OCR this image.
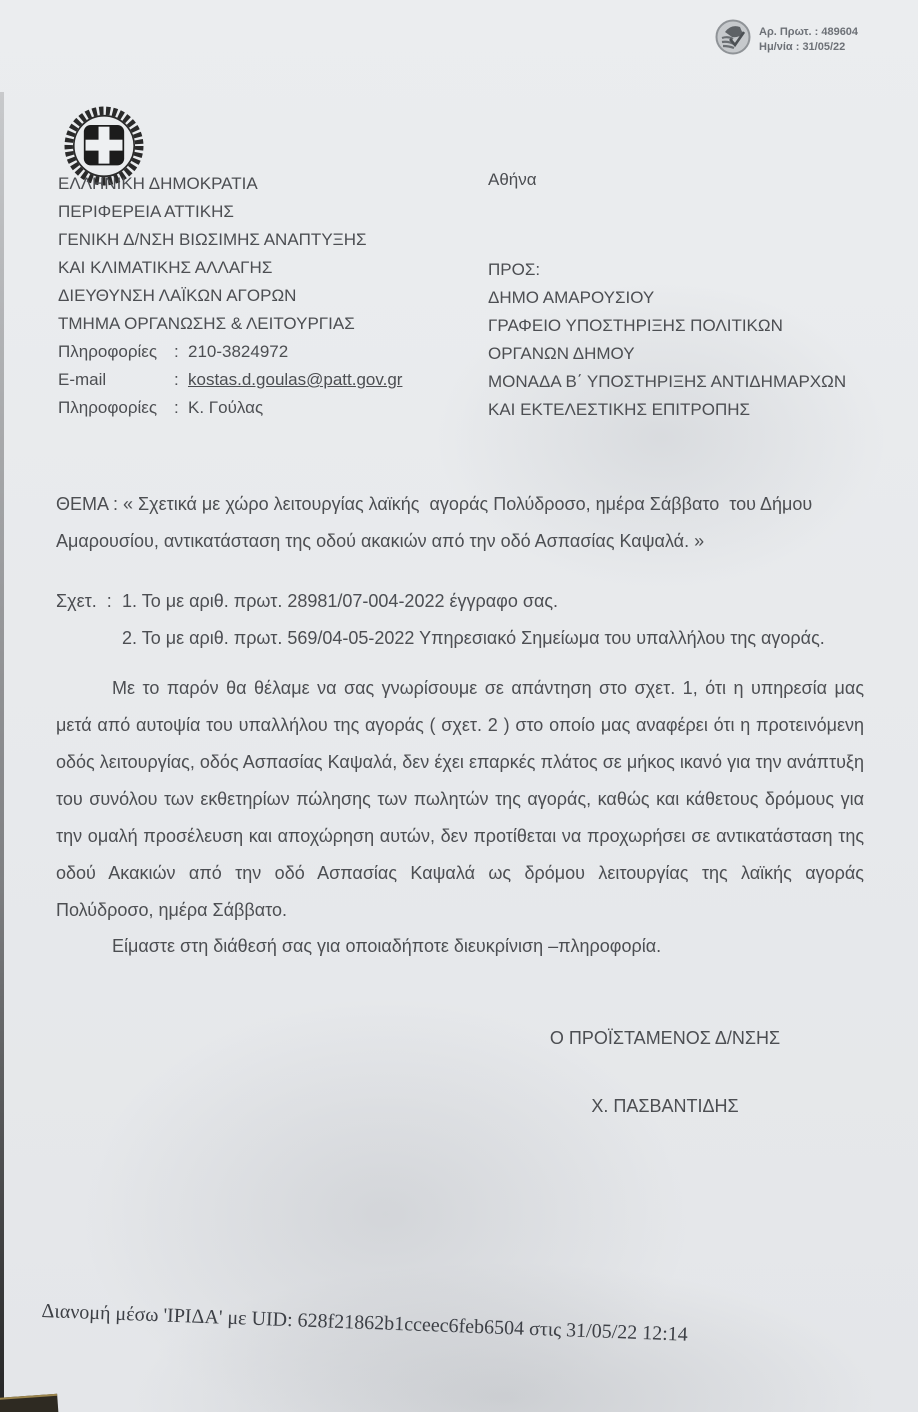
Αρ. Πρωτ. : 489604
Ημ/νία : 31/05/22
ΕΛΛΗΝΙΚΗ ΔΗΜΟΚΡΑΤΙΑ
ΠΕΡΙΦΕΡΕΙΑ ΑΤΤΙΚΗΣ
ΓΕΝΙΚΗ Δ/ΝΣΗ ΒΙΩΣΙΜΗΣ ΑΝΑΠΤΥΞΗΣ
ΚΑΙ ΚΛΙΜΑΤΙΚΗΣ ΑΛΛΑΓΗΣ
ΔΙΕΥΘΥΝΣΗ ΛΑΪΚΩΝ ΑΓΟΡΩΝ
ΤΜΗΜΑ ΟΡΓΑΝΩΣΗΣ & ΛΕΙΤΟΥΡΓΙΑΣ
Πληροφορίες : 210-3824972
E-mail	: kostas.d.goulas@patt.gov.gr
Πληροφορίες : Κ. Γούλας
Αθήνα
ΠΡΟΣ:
ΔΗΜΟ ΑΜΑΡΟΥΣΙΟΥ
ΓΡΑΦΕΙΟ ΥΠΟΣΤΗΡΙΞΗΣ ΠΟΛΙΤΙΚΩΝ
ΟΡΓΑΝΩΝ ΔΗΜΟΥ
ΜΟΝΑΔΑ Β΄ ΥΠΟΣΤΗΡΙΞΗΣ ΑΝΤΙΔΗΜΑΡΧΩΝ
ΚΑΙ ΕΚΤΕΛΕΣΤΙΚΗΣ ΕΠΙΤΡΟΠΗΣ
ΘΕΜΑ : « Σχετικά με χώρο λειτουργίας λαϊκής  αγοράς Πολύδροσο, ημέρα Σάββατο  του Δήμου Αμαρουσίου, αντικατάσταση της οδού ακακιών από την οδό Ασπασίας Καψαλά. »
Σχετ.  : 1. Το με αριθ. πρωτ. 28981/07-004-2022 έγγραφο σας.
2. Το με αριθ. πρωτ. 569/04-05-2022 Υπηρεσιακό Σημείωμα του υπαλλήλου της αγοράς.
Με το παρόν θα θέλαμε να σας γνωρίσουμε σε απάντηση στο σχετ. 1, ότι η υπηρεσία μας μετά από αυτοψία του υπαλλήλου της αγοράς ( σχετ. 2 ) στο οποίο μας αναφέρει ότι η προτεινόμενη οδός λειτουργίας, οδός Ασπασίας Καψαλά, δεν έχει επαρκές πλάτος σε μήκος ικανό για την ανάπτυξη του συνόλου των εκθετηρίων πώλησης των πωλητών της αγοράς, καθώς και κάθετους δρόμους για την ομαλή προσέλευση και αποχώρηση αυτών, δεν προτίθεται να προχωρήσει σε αντικατάσταση της οδού Ακακιών από την οδό Ασπασίας Καψαλά ως δρόμου λειτουργίας της λαϊκής αγοράς Πολύδροσο, ημέρα Σάββατο.
Είμαστε στη διάθεσή σας για οποιαδήποτε διευκρίνιση –πληροφορία.
Ο ΠΡΟΪΣΤΑΜΕΝΟΣ Δ/ΝΣΗΣ
Χ. ΠΑΣΒΑΝΤΙΔΗΣ
Διανομή μέσω 'ΙΡΙΔΑ' με UID: 628f21862b1cceec6feb6504 στις 31/05/22 12:14
